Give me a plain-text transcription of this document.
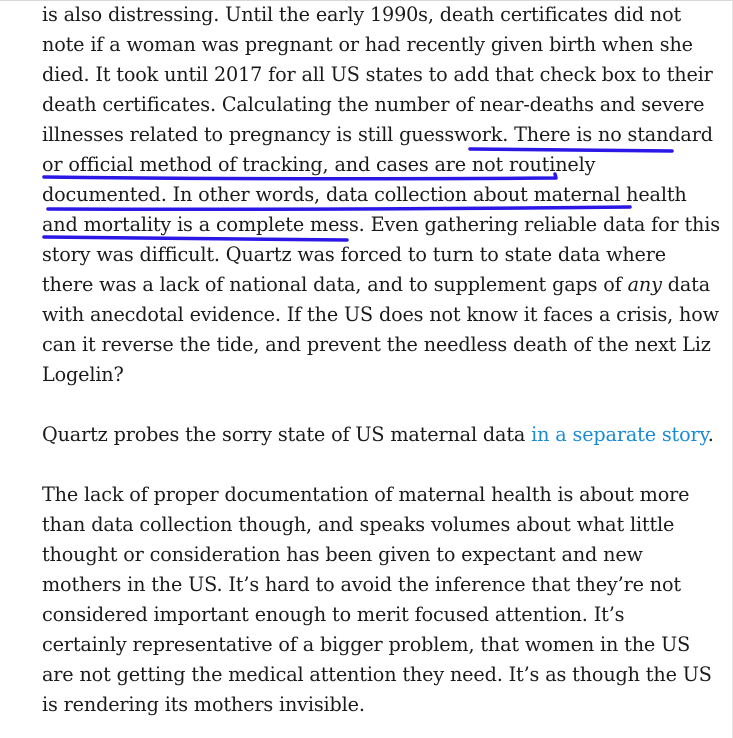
is also distressing. Until the early 1990s, death certificates did not
note if a woman was pregnant or had recently given birth when she
died. It took until 2017 for all US states to add that check box to their
death certificates. Calculating the number of near-deaths and severe
illnesses related to pregnancy is still guesswork. There is no standard
or official method of tracking, and cases are not routinely
documented. In other words, data collection about maternal health
and mortality is a complete mess. Even gathering reliable data for this
story was difficult. Quartz was forced to turn to state data where
there was a lack of national data, and to supplement gaps of any data
with anecdotal evidence. If the US does not know it faces a crisis, how
can it reverse the tide, and prevent the needless death of the next Liz
Logelin?
Quartz probes the sorry state of US maternal data in a separate story.
The lack of proper documentation of maternal health is about more
than data collection though, and speaks volumes about what little
thought or consideration has been given to expectant and new
mothers in the US. It’s hard to avoid the inference that they’re not
considered important enough to merit focused attention. It’s
certainly representative of a bigger problem, that women in the US
are not getting the medical attention they need. It’s as though the US
is rendering its mothers invisible.
